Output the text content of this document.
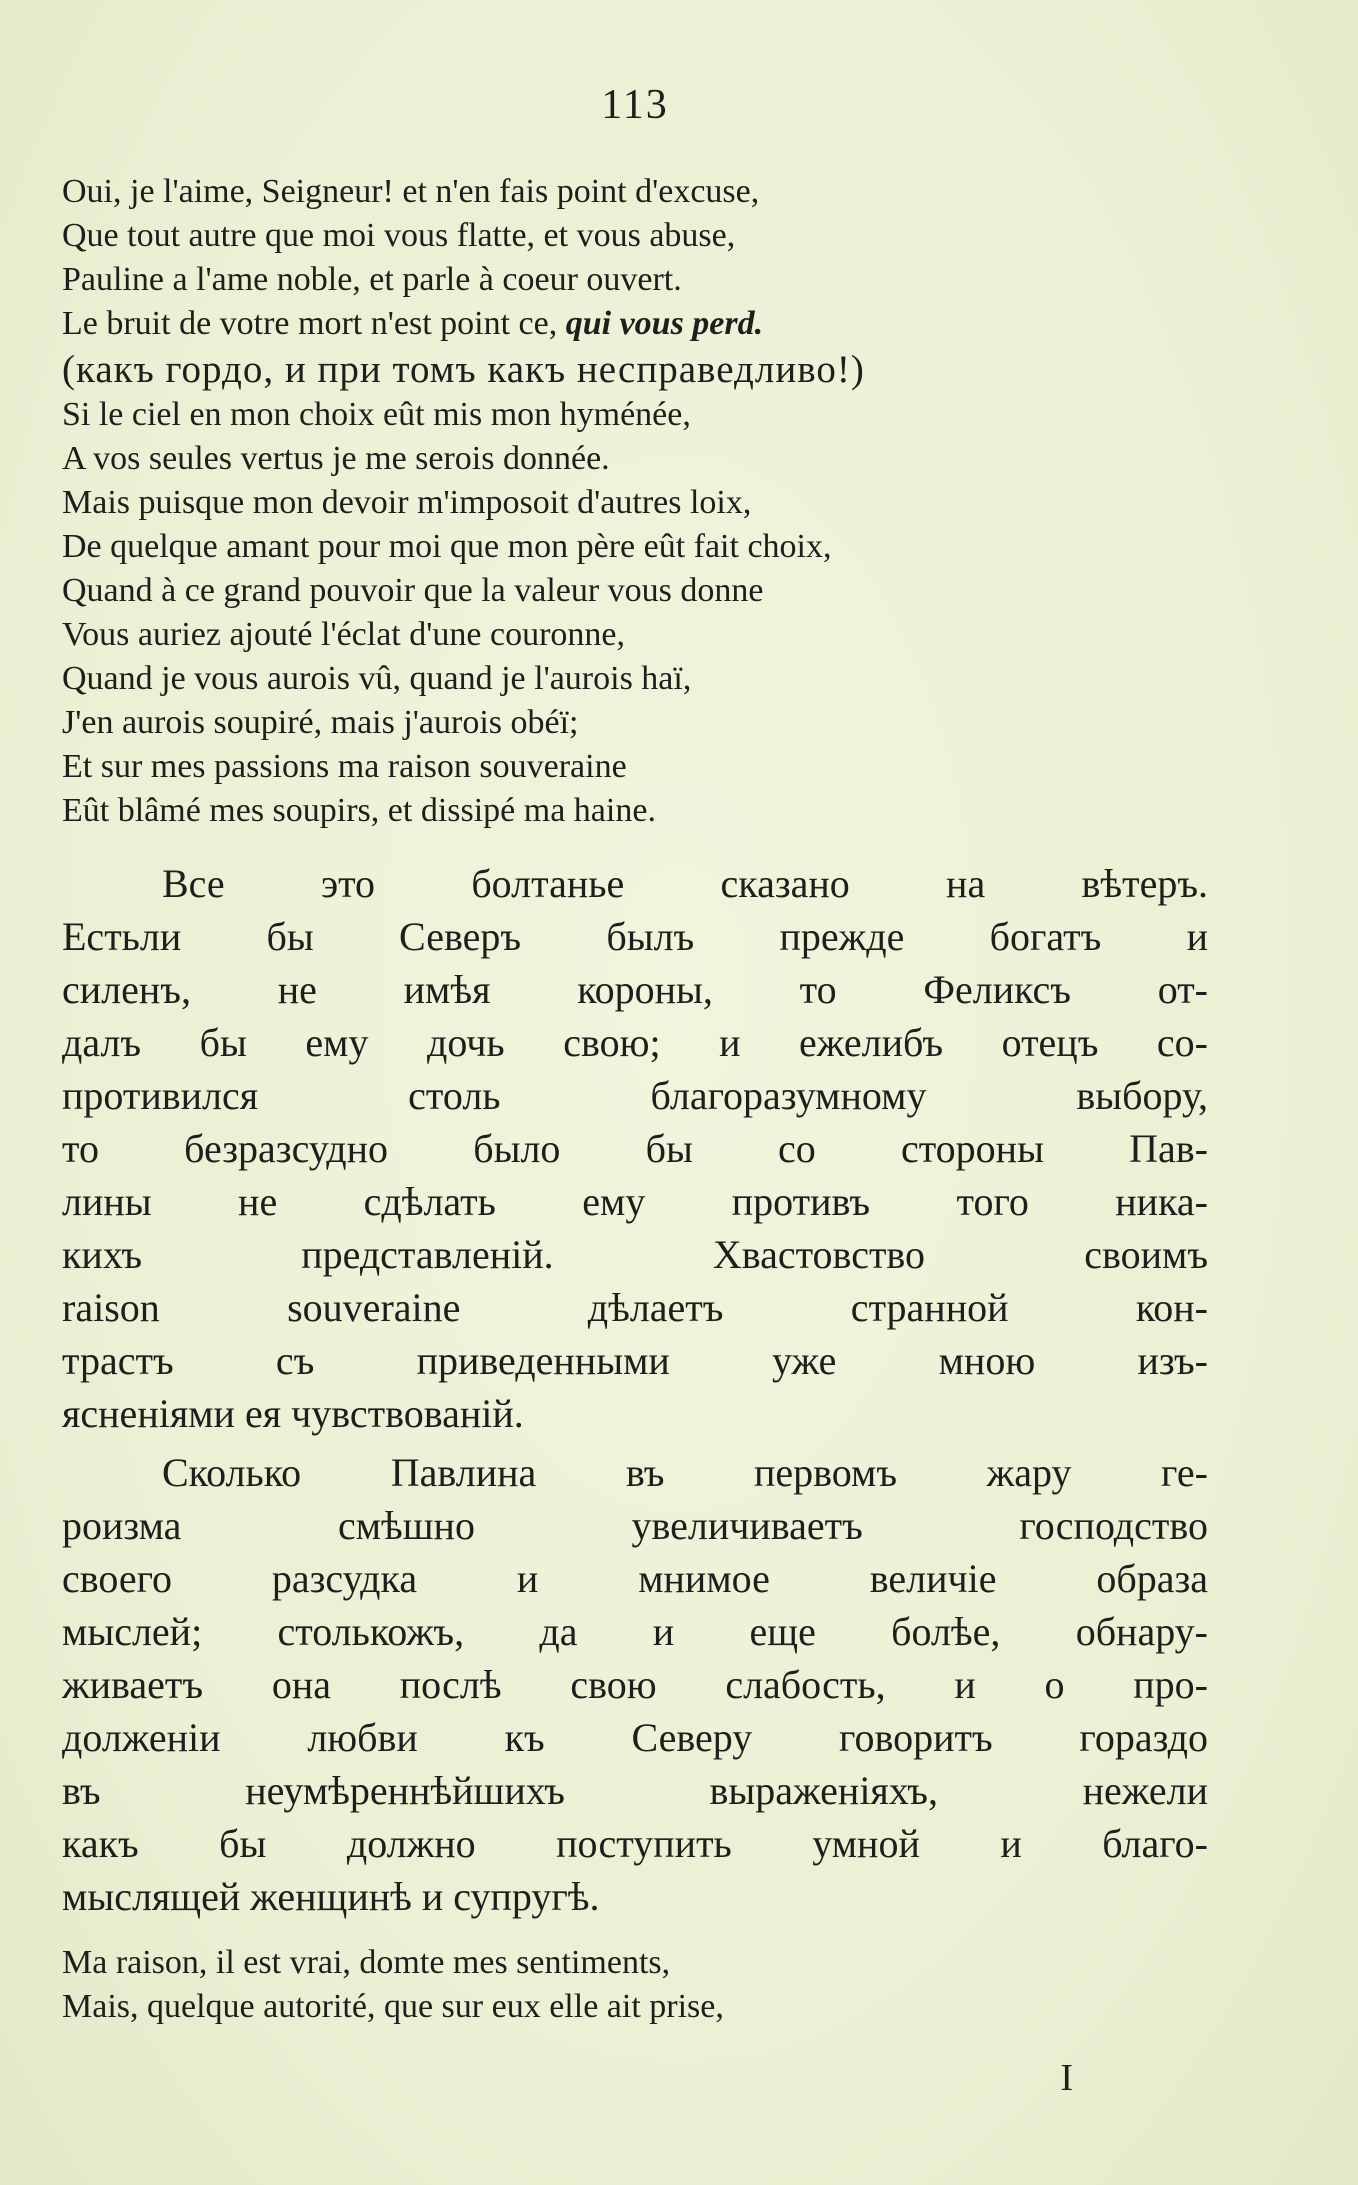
113
Oui, je l'aime, Seigneur! et n'en fais point d'excuse,
Que tout autre que moi vous flatte, et vous abuse,
Pauline a l'ame noble, et parle à coeur ouvert.
Le bruit de votre mort n'est point ce, qui vous perd.
(какъ гордо, и при томъ какъ несправедливо!)
Si le ciel en mon choix eût mis mon hyménée,
A vos seules vertus je me serois donnée.
Mais puisque mon devoir m'imposoit d'autres loix,
De quelque amant pour moi que mon père eût fait choix,
Quand à ce grand pouvoir que la valeur vous donne
Vous auriez ajouté l'éclat d'une couronne,
Quand je vous aurois vû, quand je l'aurois haï,
J'en aurois soupiré, mais j'aurois obéï;
Et sur mes passions ma raison souveraine
Eût blâmé mes soupirs, et dissipé ma haine.

Все это болтанье сказано на вѣтеръ.
Естьли бы Северъ былъ прежде богатъ и
силенъ, не имѣя короны, то Феликсъ от-
далъ бы ему дочь свою; и ежелибъ отецъ со-
противился столь благоразумному выбору,
то безразсудно было бы со стороны Пав-
лины не сдѣлать ему противъ того ника-
кихъ представленій. Хвастовство своимъ
raison souveraine дѣлаетъ странной кон-
трастъ съ приведенными уже мною изъ-
ясненіями ея чувствованій.

Сколько Павлина въ первомъ жару ге-
роизма смѣшно увеличиваетъ господство
своего разсудка и мнимое величіе образа
мыслей; столькожъ, да и еще болѣе, обнару-
живаетъ она послѣ свою слабость, и о про-
долженіи любви къ Северу говоритъ гораздо
въ неумѣреннѣйшихъ выраженіяхъ, нежели
какъ бы должно поступить умной и благо-
мыслящей женщинѣ и супругѣ.

Ma raison, il est vrai, domte mes sentiments,
Mais, quelque autorité, que sur eux elle ait prise,
I
